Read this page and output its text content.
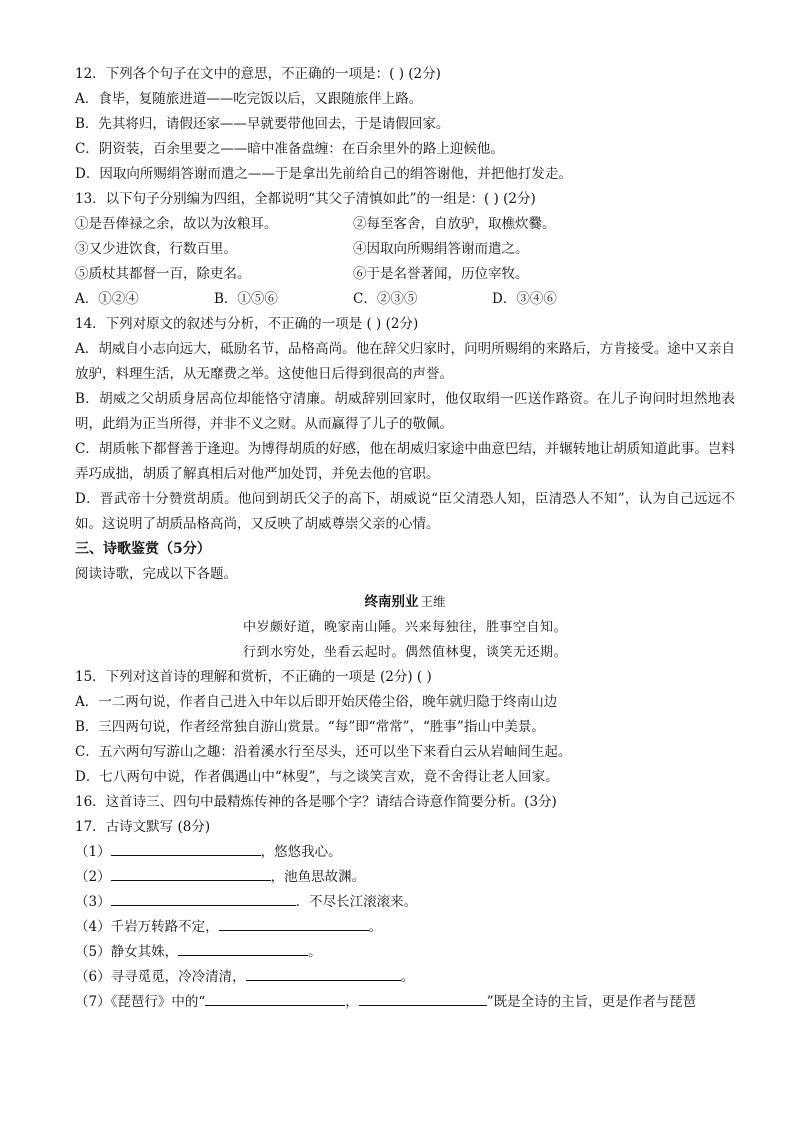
12．下列各个句子在文中的意思，不正确的一项是：( ) (2分)
A．食毕，复随旅进道——吃完饭以后，又跟随旅伴上路。
B．先其将归，请假还家——早就要带他回去，于是请假回家。
C．阴资装，百余里要之——暗中准备盘缠：在百余里外的路上迎候他。
D．因取向所赐绢答谢而遣之——于是拿出先前给自己的绢答谢他，并把他打发走。
13．以下句子分别编为四组，全都说明“其父子清慎如此”的一组是：( ) (2分)
①是吾俸禄之余，故以为汝粮耳。	②每至客舍，自放驴，取樵炊爨。
③又少进饮食，行数百里。	④因取向所赐绢答谢而遣之。
⑤质杖其都督一百，除吏名。	⑥于是名誉著闻，历位宰牧。
A．①②④	B．①⑤⑥	C．②③⑤	D．③④⑥
14．下列对原文的叙述与分析，不正确的一项是 ( ) (2分)
A．胡威自小志向远大，砥励名节，品格高尚。他在辞父归家时，问明所赐绢的来路后，方肯接受。途中又亲自放驴，料理生活，从无靡费之举。这使他日后得到很高的声誉。
B．胡威之父胡质身居高位却能恪守清廉。胡威辞别回家时，他仅取绢一匹送作路资。在儿子询问时坦然地表明，此绢为正当所得，并非不义之财。从而赢得了儿子的敬佩。
C．胡质帐下都督善于逢迎。为博得胡质的好感，他在胡威归家途中曲意巴结，并辗转地让胡质知道此事。岂料弄巧成拙，胡质了解真相后对他严加处罚，并免去他的官职。
D．晋武帝十分赞赏胡质。他问到胡氏父子的高下，胡威说“臣父清恐人知，臣清恐人不知”，认为自己远远不如。这说明了胡质品格高尚，又反映了胡威尊崇父亲的心情。
三、诗歌鉴赏（5分）
阅读诗歌，完成以下各题。
终南别业 王维
中岁颇好道，晚家南山陲。兴来每独往，胜事空自知。
行到水穷处，坐看云起时。偶然值林叟，谈笑无还期。
15．下列对这首诗的理解和赏析，不正确的一项是 (2分) ( )
A．一二两句说，作者自己进入中年以后即开始厌倦尘俗，晚年就归隐于终南山边
B．三四两句说，作者经常独自游山赏景。“每”即“常常”，“胜事”指山中美景。
C．五六两句写游山之趣：沿着溪水行至尽头，还可以坐下来看白云从岩岫间生起。
D．七八两句中说，作者偶遇山中“林叟”，与之谈笑言欢，竟不舍得让老人回家。
16．这首诗三、四句中最精炼传神的各是哪个字？请结合诗意作简要分析。(3分)
17．古诗文默写 (8分)
（1）	，悠悠我心。
（2）	，池鱼思故渊。
（3）	．不尽长江滚滚来。
（4）千岩万转路不定，	。
（5）静女其姝，	。
（6）寻寻觅觅，冷冷清清，	。
（7）《琵琶行》中的“	，	”既是全诗的主旨，更是作者与琵琶
